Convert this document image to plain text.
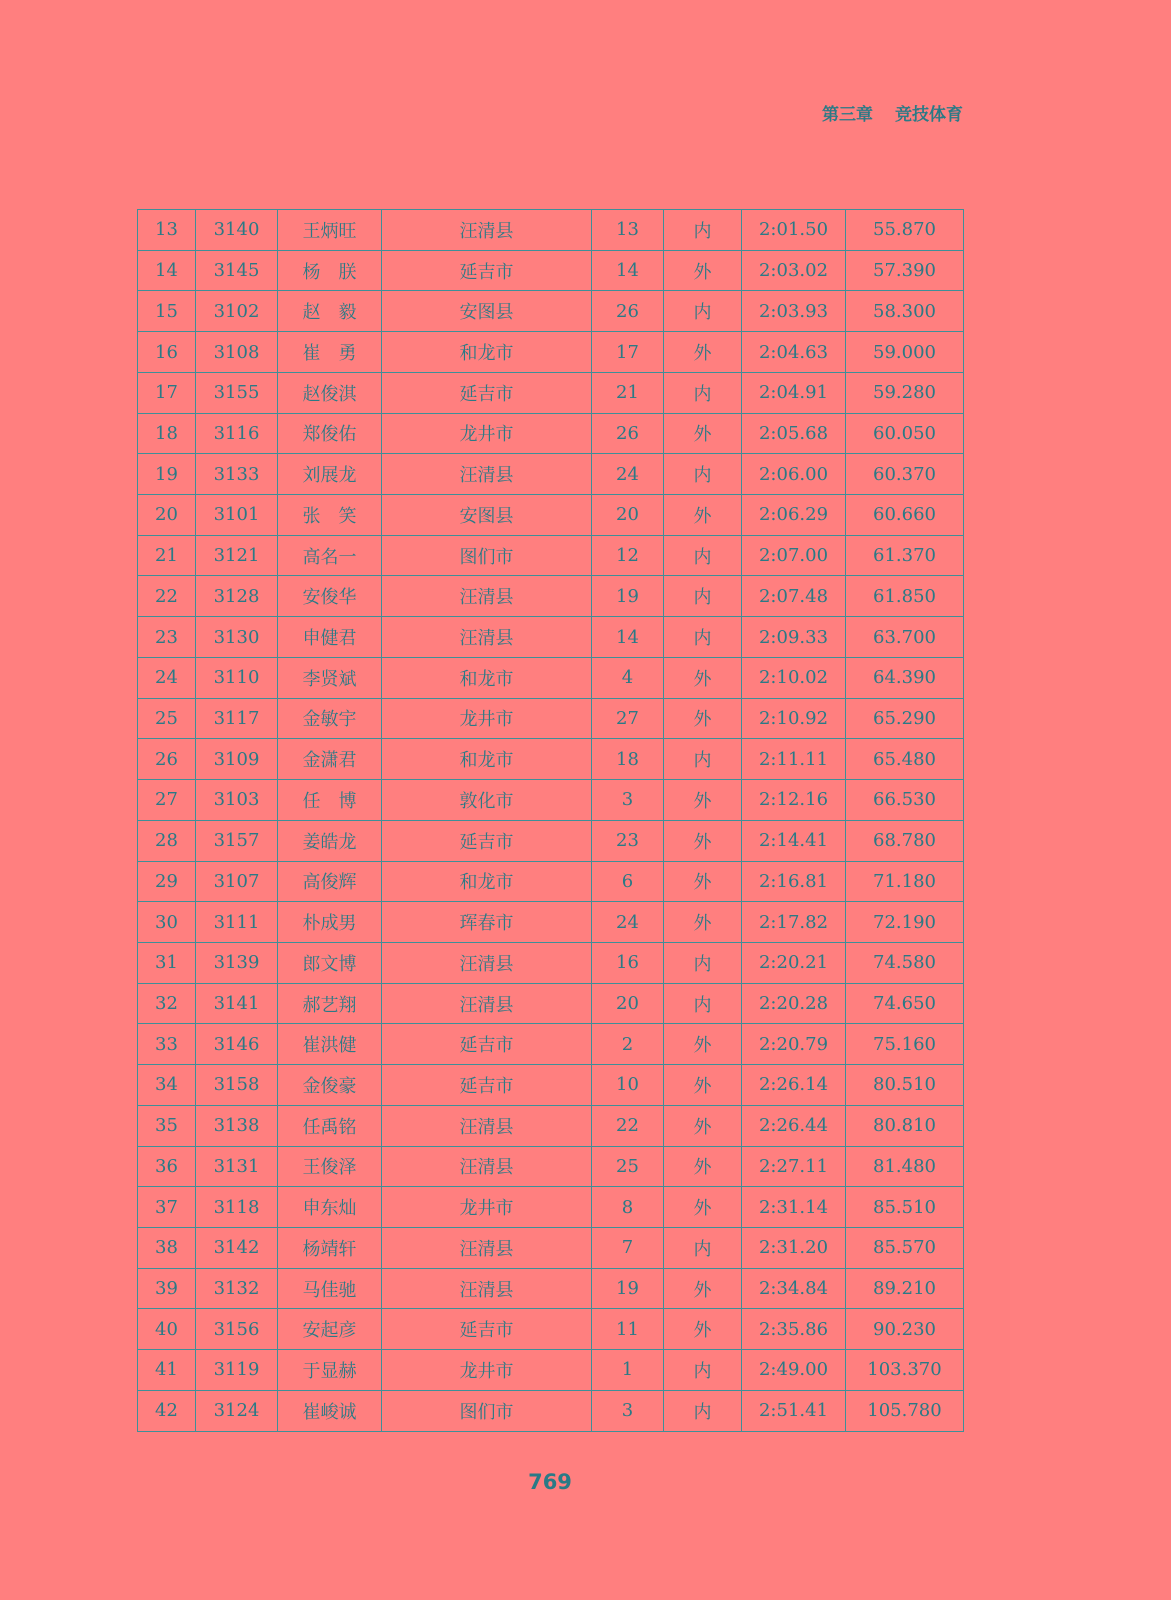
第三章 竞技体育
13	3140	王炳旺	汪清县	13	内	2:01.50	55.870
14	3145	杨　朕	延吉市	14	外	2:03.02	57.390
15	3102	赵　毅	安图县	26	内	2:03.93	58.300
16	3108	崔　勇	和龙市	17	外	2:04.63	59.000
17	3155	赵俊淇	延吉市	21	内	2:04.91	59.280
18	3116	郑俊佑	龙井市	26	外	2:05.68	60.050
19	3133	刘展龙	汪清县	24	内	2:06.00	60.370
20	3101	张　笑	安图县	20	外	2:06.29	60.660
21	3121	高名一	图们市	12	内	2:07.00	61.370
22	3128	安俊华	汪清县	19	内	2:07.48	61.850
23	3130	申健君	汪清县	14	内	2:09.33	63.700
24	3110	李贤斌	和龙市	4	外	2:10.02	64.390
25	3117	金敏宇	龙井市	27	外	2:10.92	65.290
26	3109	金潇君	和龙市	18	内	2:11.11	65.480
27	3103	任　博	敦化市	3	外	2:12.16	66.530
28	3157	姜皓龙	延吉市	23	外	2:14.41	68.780
29	3107	高俊辉	和龙市	6	外	2:16.81	71.180
30	3111	朴成男	珲春市	24	外	2:17.82	72.190
31	3139	郎文博	汪清县	16	内	2:20.21	74.580
32	3141	郝艺翔	汪清县	20	内	2:20.28	74.650
33	3146	崔洪健	延吉市	2	外	2:20.79	75.160
34	3158	金俊豪	延吉市	10	外	2:26.14	80.510
35	3138	任禹铭	汪清县	22	外	2:26.44	80.810
36	3131	王俊泽	汪清县	25	外	2:27.11	81.480
37	3118	申东灿	龙井市	8	外	2:31.14	85.510
38	3142	杨靖轩	汪清县	7	内	2:31.20	85.570
39	3132	马佳驰	汪清县	19	外	2:34.84	89.210
40	3156	安起彦	延吉市	11	外	2:35.86	90.230
41	3119	于显赫	龙井市	1	内	2:49.00	103.370
42	3124	崔峻诚	图们市	3	内	2:51.41	105.780
769
